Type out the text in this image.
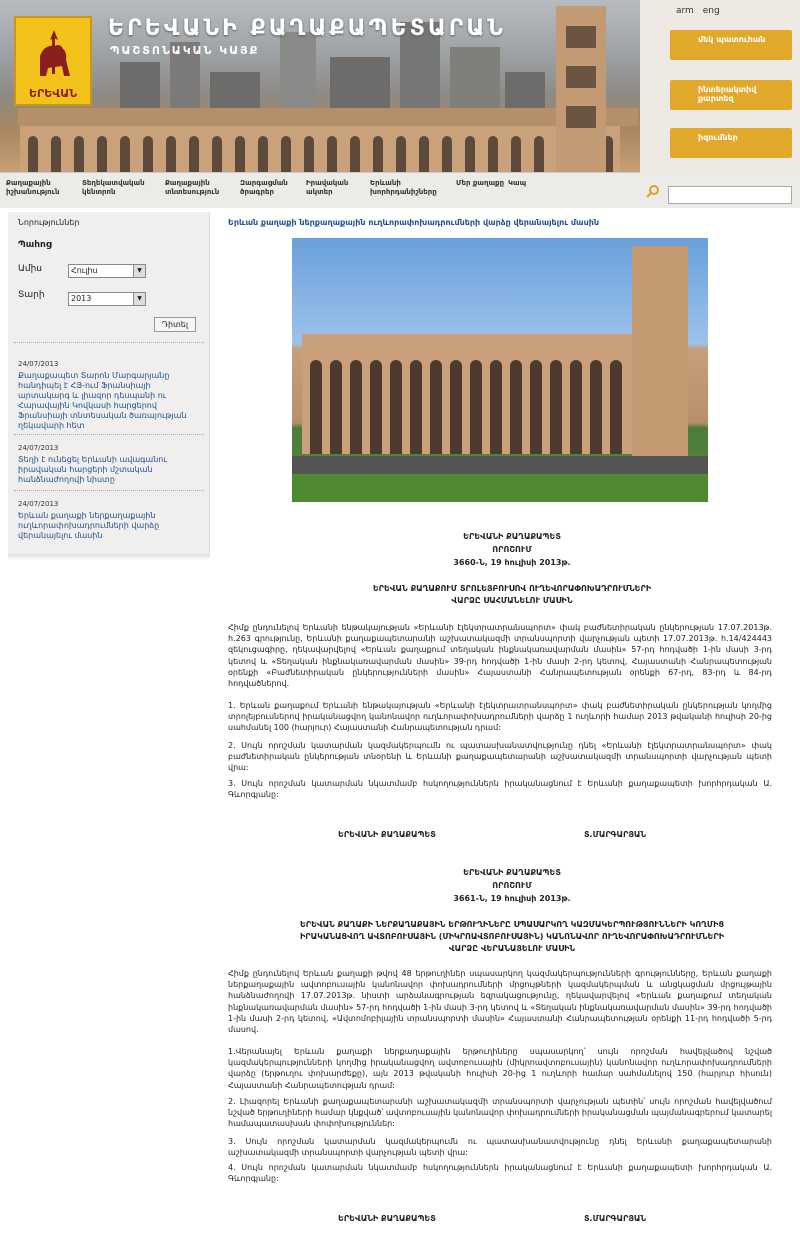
ԵՐԵՎԱՆ
ԵՐԵՎԱՆԻ ՔԱՂԱՔԱՊԵՏԱՐԱՆ
ՊԱՇՏՈՆԱԿԱՆ ԿԱՅՔ
arm eng
մեկ պատուհան
ինտերակտիվ քարտեզ
իզումներ
Քաղաքային իշխանություն
Տեղեկատվական կենտրոն
Քաղաքային տնտեսություն
Զարգացման ծրագրեր
Իրավական ակտեր
Երևանի խորհրդանիշները
Մեր քաղաքը Կապ
Նորություններ
Պահոց
Ամիս	Հուլիս	▼
Տարի	2013	▼
Դիտել
24/07/2013
Քաղաքապետ Տարոն Մարգարյանը հանդիպել է ՀՅ-ում Ֆրանսիայի արտակարգ և լիազոր դեսպանի ու Հարավային Կովկասի հարցերով Ֆրանսիայի տնտեսական ծառայության ղեկավարի հետ
24/07/2013
Տեղի է ունեցել Երևանի ավագանու իրավական հարցերի մշտական հանձնաժողովի նիստը
24/07/2013
Երևան քաղաքի ներքաղաքային ուղևորափոխադրումների վարձը վերանայելու մասին
Երևան քաղաքի ներքաղաքային ուղևորափոխադրումների վարձը վերանայելու մասին
ԵՐԵՎԱՆԻ ՔԱՂԱՔԱՊԵՏ
ՈՐՈՇՈՒՄ
3660-Ն, 19 հուլիսի 2013թ.
ԵՐԵՎԱՆ ՔԱՂԱՔՈՒՄ ՏՐՈԼԵՅԲՈՒՍՈՎ ՈՒՂԵՎՈՐԱՓՈԽԱԴՐՈՒՄՆԵՐԻ
ՎԱՐՁԸ ՍԱՀՄԱՆԵԼՈՒ ՄԱՍԻՆ
Հիմք ընդունելով Երևանի ենթակայության «Երևանի էլեկտրատրանսպորտ» փակ բաժնետիրական ընկերության 17.07.2013թ. հ.263 գրությունը, Երևանի քաղաքապետարանի աշխատակազմի տրանսպորտի վարչության պետի 17.07.2013թ. հ.14/424443 զեկուցագիրը, ղեկավարվելով «Երևան քաղաքում տեղական ինքնակառավարման մասին» 57-րդ հոդվածի 1-ին մասի 3-րդ կետով և «Տեղական ինքնակառավարման մասին» 39-րդ հոդվածի 1-ին մասի 2-րդ կետով, Հայաստանի Հանրապետության օրենքի «Բաժնետիրական ընկերությունների մասին» Հայաստանի Հանրապետության օրենքի 67-րդ, 83-րդ և 84-րդ հոդվածներով.
1. Երևան քաղաքում Երևանի ենթակայության «Երևանի էլեկտրատրանսպորտ» փակ բաժնետիրական ընկերության կողմից տրոլեյբուսներով իրականացվող կանոնավոր ուղևորափոխադրումների վարձը 1 ուղևորի համար 2013 թվականի հուլիսի 20-ից սահմանել 100 (հարյուր) Հայաստանի Հանրապետության դրամ:
2. Սույն որոշման կատարման կազմակերպումն ու պատասխանատվությունը դնել «Երևանի էլեկտրատրանսպորտ» փակ բաժնետիրական ընկերության տնօրենի և Երևանի քաղաքապետարանի աշխատակազմի տրանսպորտի վարչության պետի վրա:
3. Սույն որոշման կատարման նկատմամբ հսկողություններն իրականացնում է Երևանի քաղաքապետի խորհրդական Ա. Գևորգյանը:
ԵՐԵՎԱՆԻ ՔԱՂԱՔԱՊԵՏ	Տ.ՄԱՐԳԱՐՅԱՆ
ԵՐԵՎԱՆԻ ՔԱՂԱՔԱՊԵՏ
ՈՐՈՇՈՒՄ
3661-Ն, 19 հուլիսի 2013թ.
ԵՐԵՎԱՆ ՔԱՂԱՔԻ ՆԵՐՔԱՂԱՔԱՅԻՆ ԵՐԹՈՒՂԻՆԵՐԸ ՍՊԱՍԱՐԿՈՂ ԿԱԶՄԱԿԵՐՊՈՒԹՅՈՒՆՆԵՐԻ ԿՈՂՄԻՑ
ԻՐԱԿԱՆԱՑՎՈՂ ԱՎՏՈԲՈՒՍԱՅԻՆ (ՄԻԿՐՈԱՎՏՈԲՈՒՍԱՅԻՆ) ԿԱՆՈՆԱՎՈՐ ՈՒՂԵՎՈՐԱՓՈԽԱԴՐՈՒՄՆԵՐԻ
ՎԱՐՁԸ ՎԵՐԱՆԱՅԵԼՈՒ ՄԱՍԻՆ
Հիմք ընդունելով Երևան քաղաքի թվով 48 երթուղիներ սպասարկող կազմակերպությունների գրությունները, Երևան քաղաքի ներքաղաքային ավտոբուսային կանոնավոր փոխադրումների մրցույթների կազմակերպման և անցկացման մրցույթային հանձնաժողովի 17.07.2013թ. նիստի արձանագրության եզրակացությունը, ղեկավարվելով «Երևան քաղաքում տեղական ինքնակառավարման մասին» 57-րդ հոդվածի 1-ին մասի 3-րդ կետով և «Տեղական ինքնակառավարման մասին» 39-րդ հոդվածի 1-ին մասի 2-րդ կետով, «Ավտոմոբիլային տրանսպորտի մասին» Հայաստանի Հանրապետության օրենքի 11-րդ հոդվածի 5-րդ մասով.
1.Վերանայել Երևան քաղաքի ներքաղաքային երթուղիները սպասարկող՝ սույն որոշման հավելվածով նշված կազմակերպությունների կողմից իրականացվող ավտոբուսային (միկրոավտոբուսային) կանոնավոր ուղևորափոխադրումների վարձը (երթուղու փոխարժեքը), այն 2013 թվականի հուլիսի 20-ից 1 ուղևորի համար սահմանելով 150 (հարյուր հիսուն) Հայաստանի Հանրապետության դրամ:
2. Լիազորել Երևանի քաղաքապետարանի աշխատակազմի տրանսպորտի վարչության պետին՝ սույն որոշման հավելվածում նշված երթուղիների համար կնքված՝ ավտոբուսային կանոնավոր փոխադրումների իրականացման պայմանագրերում կատարել համապատասխան փոփոխություններ:
3. Սույն որոշման կատարման կազմակերպումն ու պատասխանատվությունը դնել Երևանի քաղաքապետարանի աշխատակազմի տրանսպորտի վարչության պետի վրա:
4. Սույն որոշման կատարման նկատմամբ հսկողություններն իրականացնում է Երևանի քաղաքապետի խորհրդական Ա. Գևորգյանը:
ԵՐԵՎԱՆԻ ՔԱՂԱՔԱՊԵՏ	Տ.ՄԱՐԳԱՐՅԱՆ
